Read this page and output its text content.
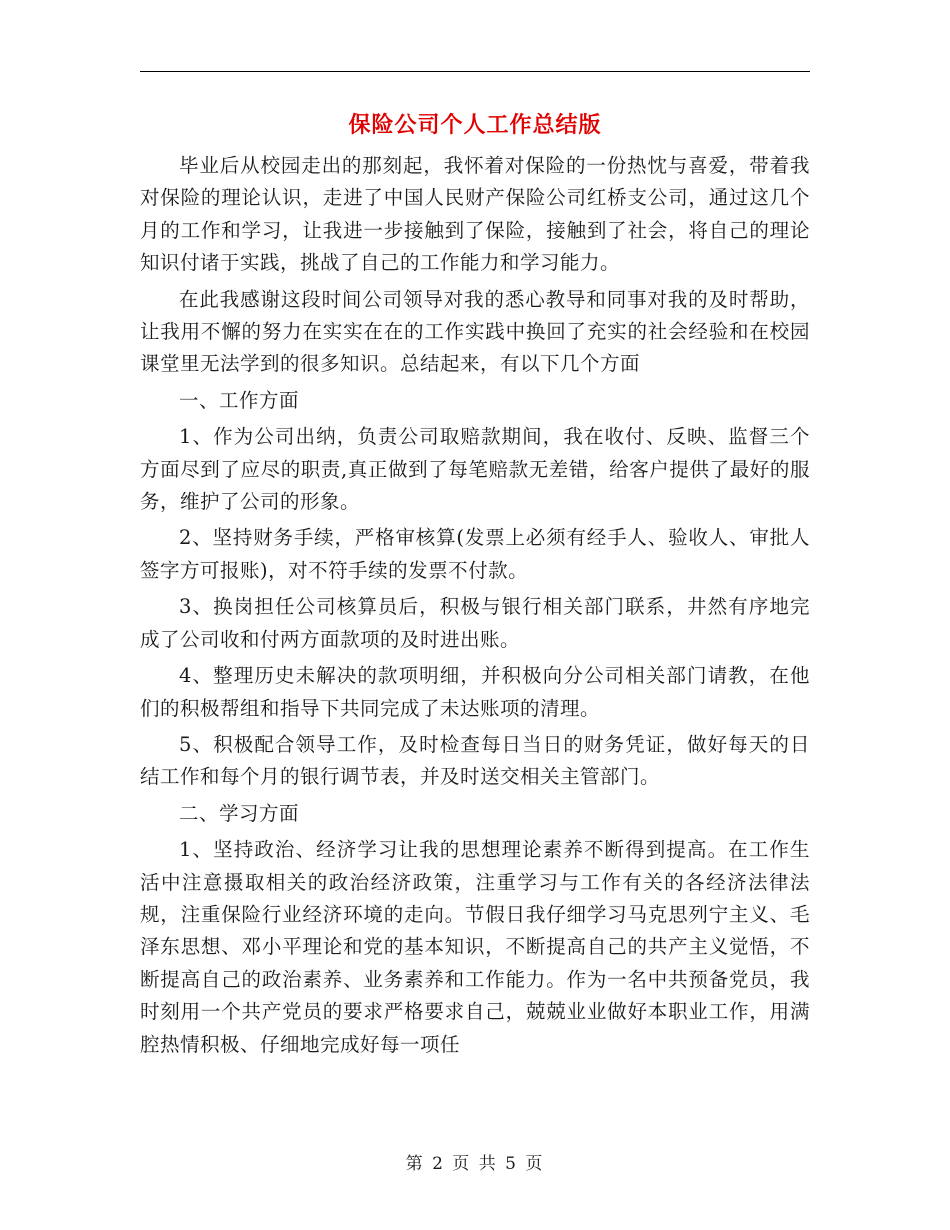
保险公司个人工作总结版

毕业后从校园走出的那刻起，我怀着对保险的一份热忱与喜爱，带着我对保险的理论认识，走进了中国人民财产保险公司红桥支公司，通过这几个月的工作和学习，让我进一步接触到了保险，接触到了社会，将自己的理论知识付诸于实践，挑战了自己的工作能力和学习能力。

在此我感谢这段时间公司领导对我的悉心教导和同事对我的及时帮助，让我用不懈的努力在实实在在的工作实践中换回了充实的社会经验和在校园课堂里无法学到的很多知识。总结起来，有以下几个方面

一、工作方面

1、作为公司出纳，负责公司取赔款期间，我在收付、反映、监督三个方面尽到了应尽的职责,真正做到了每笔赔款无差错，给客户提供了最好的服务，维护了公司的形象。

2、坚持财务手续，严格审核算(发票上必须有经手人、验收人、审批人签字方可报账)，对不符手续的发票不付款。

3、换岗担任公司核算员后，积极与银行相关部门联系，井然有序地完成了公司收和付两方面款项的及时进出账。

4、整理历史未解决的款项明细，并积极向分公司相关部门请教，在他们的积极帮组和指导下共同完成了未达账项的清理。

5、积极配合领导工作，及时检查每日当日的财务凭证，做好每天的日结工作和每个月的银行调节表，并及时送交相关主管部门。

二、学习方面

1、坚持政治、经济学习让我的思想理论素养不断得到提高。在工作生活中注意摄取相关的政治经济政策，注重学习与工作有关的各经济法律法规，注重保险行业经济环境的走向。节假日我仔细学习马克思列宁主义、毛泽东思想、邓小平理论和党的基本知识，不断提高自己的共产主义觉悟，不断提高自己的政治素养、业务素养和工作能力。作为一名中共预备党员，我时刻用一个共产党员的要求严格要求自己，兢兢业业做好本职业工作，用满腔热情积极、仔细地完成好每一项任

第 2 页 共 5 页
